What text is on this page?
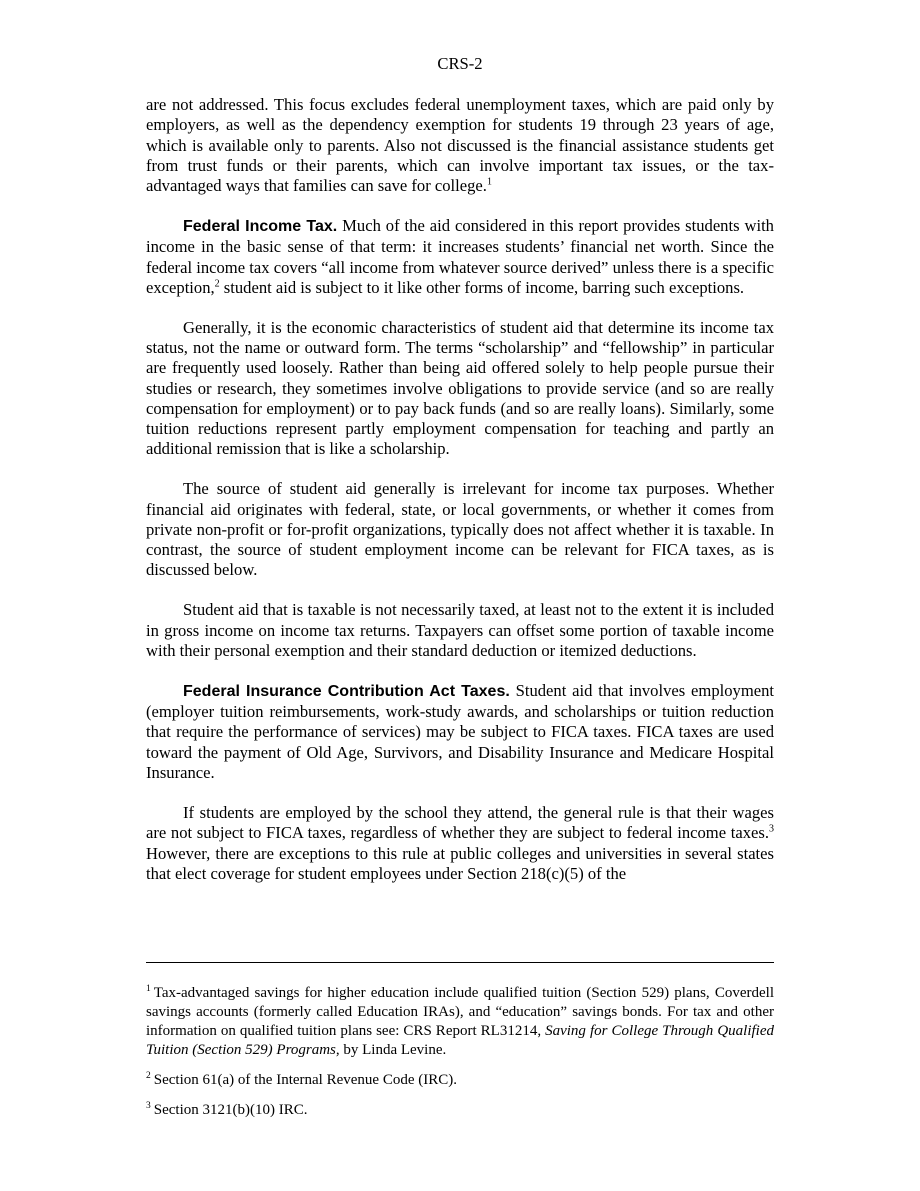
CRS-2

are not addressed. This focus excludes federal unemployment taxes, which are paid only by employers, as well as the dependency exemption for students 19 through 23 years of age, which is available only to parents. Also not discussed is the financial assistance students get from trust funds or their parents, which can involve important tax issues, or the tax-advantaged ways that families can save for college.$^1$

Federal Income Tax. Much of the aid considered in this report provides students with income in the basic sense of that term: it increases students’ financial net worth. Since the federal income tax covers “all income from whatever source derived” unless there is a specific exception,$^2$ student aid is subject to it like other forms of income, barring such exceptions.

Generally, it is the economic characteristics of student aid that determine its income tax status, not the name or outward form. The terms “scholarship” and “fellowship” in particular are frequently used loosely. Rather than being aid offered solely to help people pursue their studies or research, they sometimes involve obligations to provide service (and so are really compensation for employment) or to pay back funds (and so are really loans). Similarly, some tuition reductions represent partly employment compensation for teaching and partly an additional remission that is like a scholarship.

The source of student aid generally is irrelevant for income tax purposes. Whether financial aid originates with federal, state, or local governments, or whether it comes from private non-profit or for-profit organizations, typically does not affect whether it is taxable. In contrast, the source of student employment income can be relevant for FICA taxes, as is discussed below.

Student aid that is taxable is not necessarily taxed, at least not to the extent it is included in gross income on income tax returns. Taxpayers can offset some portion of taxable income with their personal exemption and their standard deduction or itemized deductions.

Federal Insurance Contribution Act Taxes. Student aid that involves employment (employer tuition reimbursements, work-study awards, and scholarships or tuition reduction that require the performance of services) may be subject to FICA taxes. FICA taxes are used toward the payment of Old Age, Survivors, and Disability Insurance and Medicare Hospital Insurance.

If students are employed by the school they attend, the general rule is that their wages are not subject to FICA taxes, regardless of whether they are subject to federal income taxes.$^3$ However, there are exceptions to this rule at public colleges and universities in several states that elect coverage for student employees under Section 218(c)(5) of the

$^1$ Tax-advantaged savings for higher education include qualified tuition (Section 529) plans, Coverdell savings accounts (formerly called Education IRAs), and “education” savings bonds. For tax and other information on qualified tuition plans see: CRS Report RL31214, Saving for College Through Qualified Tuition (Section 529) Programs, by Linda Levine.

$^2$ Section 61(a) of the Internal Revenue Code (IRC).

$^3$ Section 3121(b)(10) IRC.
